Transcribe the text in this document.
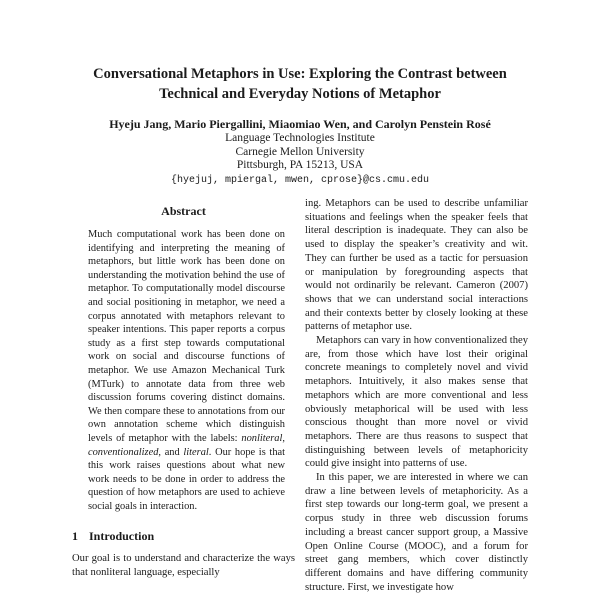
Conversational Metaphors in Use: Exploring the Contrast between
Technical and Everyday Notions of Metaphor
Hyeju Jang, Mario Piergallini, Miaomiao Wen, and Carolyn Penstein Rosé
Language Technologies Institute
Carnegie Mellon University
Pittsburgh, PA 15213, USA
{hyejuj, mpiergal, mwen, cprose}@cs.cmu.edu
Abstract

Much computational work has been done on identifying and interpreting the meaning of metaphors, but little work has been done on understanding the motivation behind the use of metaphor. To computationally model discourse and social positioning in metaphor, we need a corpus annotated with metaphors relevant to speaker intentions. This paper reports a corpus study as a first step towards computational work on social and discourse functions of metaphor. We use Amazon Mechanical Turk (MTurk) to annotate data from three web discussion forums covering distinct domains. We then compare these to annotations from our own annotation scheme which distinguish levels of metaphor with the labels: nonliteral, conventionalized, and literal. Our hope is that this work raises questions about what new work needs to be done in order to address the question of how metaphors are used to achieve social goals in interaction.

1 Introduction

Our goal is to understand and characterize the ways that nonliteral language, especially

ing. Metaphors can be used to describe unfamiliar situations and feelings when the speaker feels that literal description is inadequate. They can also be used to display the speaker’s creativity and wit. They can further be used as a tactic for persuasion or manipulation by foregrounding aspects that would not ordinarily be relevant. Cameron (2007) shows that we can understand social interactions and their contexts better by closely looking at these patterns of metaphor use.

Metaphors can vary in how conventionalized they are, from those which have lost their original concrete meanings to completely novel and vivid metaphors. Intuitively, it also makes sense that metaphors which are more conventional and less obviously metaphorical will be used with less conscious thought than more novel or vivid metaphors. There are thus reasons to suspect that distinguishing between levels of metaphoricity could give insight into patterns of use.

In this paper, we are interested in where we can draw a line between levels of metaphoricity. As a first step towards our long-term goal, we present a corpus study in three web discussion forums including a breast cancer support group, a Massive Open Online Course (MOOC), and a forum for street gang members, which cover distinctly different domains and have differing community structure. First, we investigate how
